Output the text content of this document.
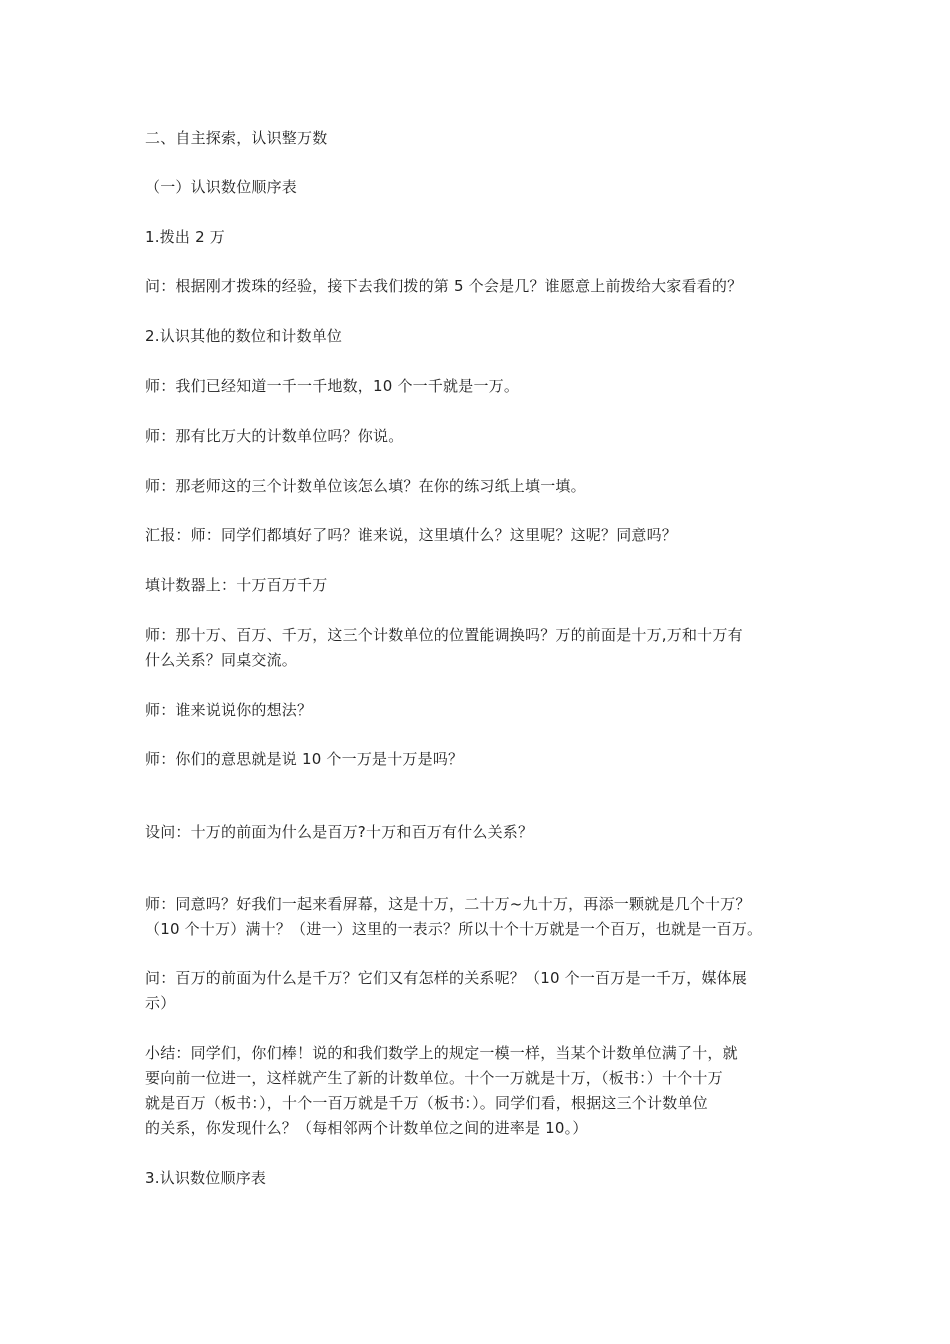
二、自主探索，认识整万数
（一）认识数位顺序表
1.拨出 2 万
问：根据刚才拨珠的经验，接下去我们拨的第 5 个会是几？谁愿意上前拨给大家看看的？
2.认识其他的数位和计数单位
师：我们已经知道一千一千地数，10 个一千就是一万。
师：那有比万大的计数单位吗？你说。
师：那老师这的三个计数单位该怎么填？在你的练习纸上填一填。
汇报：师：同学们都填好了吗？谁来说，这里填什么？这里呢？这呢？同意吗？
填计数器上：十万百万千万
师：那十万、百万、千万，这三个计数单位的位置能调换吗？万的前面是十万,万和十万有
什么关系？同桌交流。
师：谁来说说你的想法？
师：你们的意思就是说 10 个一万是十万是吗？
设问：十万的前面为什么是百万?十万和百万有什么关系？
师：同意吗？好我们一起来看屏幕，这是十万，二十万~九十万，再添一颗就是几个十万？
（10 个十万）满十？（进一）这里的一表示？所以十个十万就是一个百万，也就是一百万。
问：百万的前面为什么是千万？它们又有怎样的关系呢？（10 个一百万是一千万，媒体展
示）
小结：同学们，你们棒！说的和我们数学上的规定一模一样，当某个计数单位满了十，就
要向前一位进一，这样就产生了新的计数单位。十个一万就是十万，（板书：）十个十万
就是百万（板书：），十个一百万就是千万（板书：）。同学们看，根据这三个计数单位
的关系，你发现什么？（每相邻两个计数单位之间的进率是 10。）
3.认识数位顺序表
